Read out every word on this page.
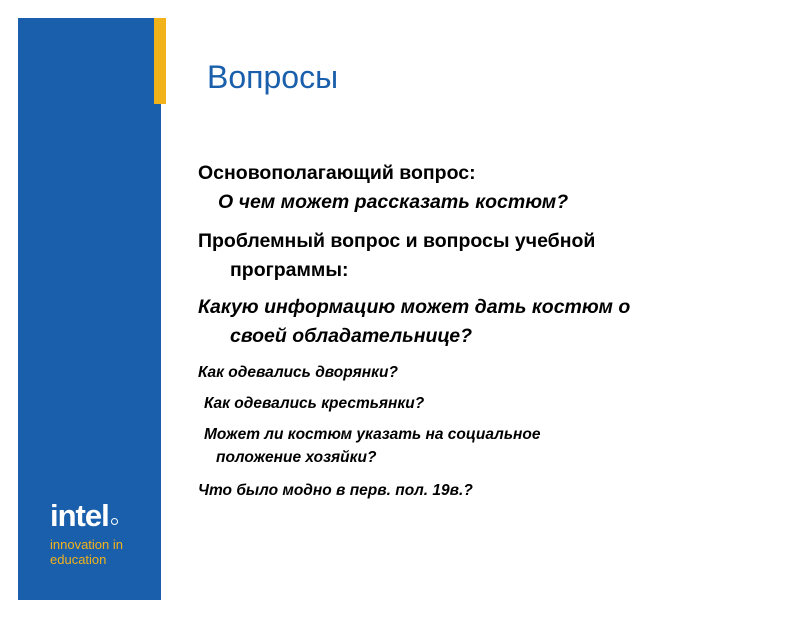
intel
innovation in
education
Вопросы
Основополагающий вопрос:
О чем может рассказать костюм?
Проблемный вопрос и вопросы учебной
программы:
Какую информацию может дать костюм о
своей обладательнице?
Как одевались дворянки?
Как одевались крестьянки?
Может ли костюм указать на социальное
положение хозяйки?
Что было модно в перв. пол. 19в.?
